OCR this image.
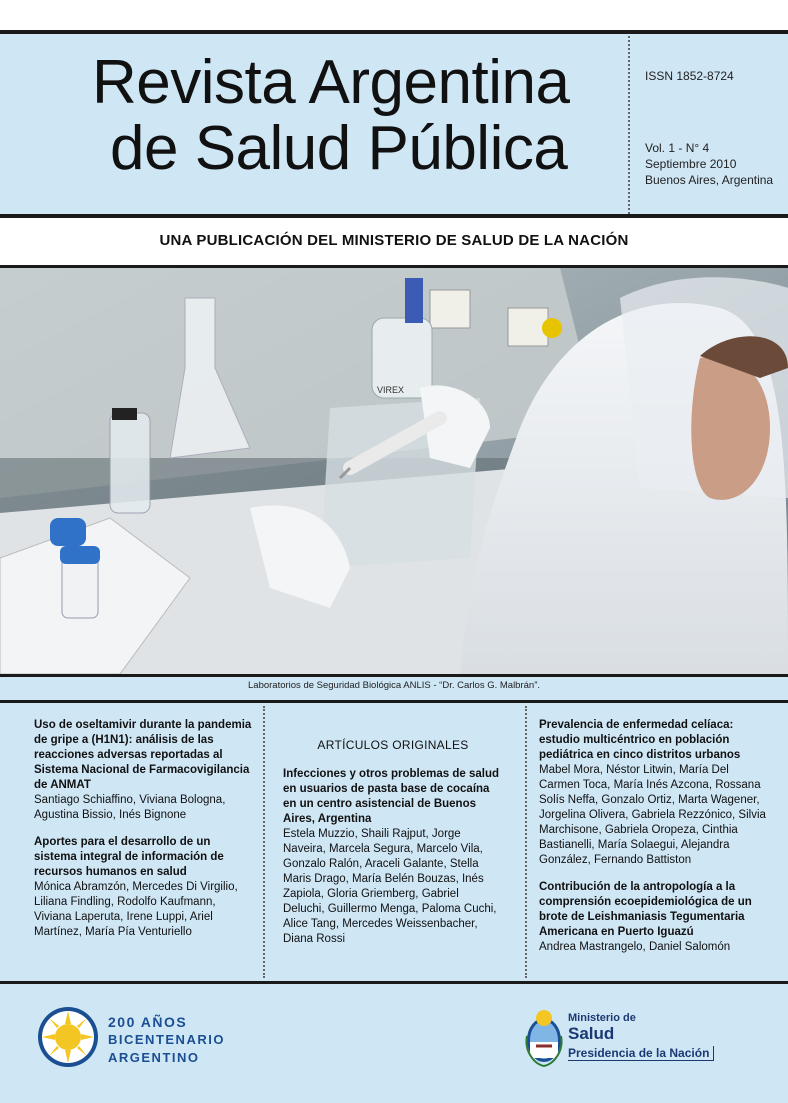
Revista Argentina
de Salud Pública
ISSN 1852-8724
Vol. 1 - N° 4
Septiembre 2010
Buenos Aires, Argentina
UNA PUBLICACIÓN DEL MINISTERIO DE SALUD DE LA NACIÓN
VIREX
Laboratorios de Seguridad Biológica ANLIS - “Dr. Carlos G. Malbrán”.
Uso de oseltamivir durante la pandemia de gripe a (H1N1): análisis de las reacciones adversas reportadas al Sistema Nacional de Farmacovigilancia de ANMAT
Santiago Schiaffino, Viviana Bologna, Agustina Bissio, Inés Bignone
Aportes para el desarrollo de un sistema integral de información de recursos humanos en salud
Mónica Abramzón, Mercedes Di Virgilio, Liliana Findling, Rodolfo Kaufmann, Viviana Laperuta, Irene Luppi, Ariel Martínez, María Pía Venturiello
ARTÍCULOS ORIGINALES
Infecciones y otros problemas de salud en usuarios de pasta base de cocaína en un centro asistencial de Buenos Aires, Argentina
Estela Muzzio, Shaili Rajput, Jorge Naveira, Marcela Segura, Marcelo Vila, Gonzalo Ralón, Araceli Galante, Stella Maris Drago, María Belén Bouzas, Inés Zapiola, Gloria Griemberg, Gabriel Deluchi, Guillermo Menga, Paloma Cuchi, Alice Tang, Mercedes Weissenbacher, Diana Rossi
Prevalencia de enfermedad celíaca: estudio multicéntrico en población pediátrica en cinco distritos urbanos
Mabel Mora, Néstor Litwin, María Del Carmen Toca, María Inés Azcona, Rossana Solís Neffa, Gonzalo Ortiz, Marta Wagener, Jorgelina Olivera, Gabriela Rezzónico, Silvia Marchisone, Gabriela Oropeza, Cinthia Bastianelli, María Solaegui, Alejandra González, Fernando Battiston
Contribución de la antropología a la comprensión ecoepidemiológica de un brote de Leishmaniasis Tegumentaria Americana en Puerto Iguazú
Andrea Mastrangelo, Daniel Salomón
200 AÑOS
BICENTENARIO
ARGENTINO
Ministerio de
Salud
Presidencia de la Nación
